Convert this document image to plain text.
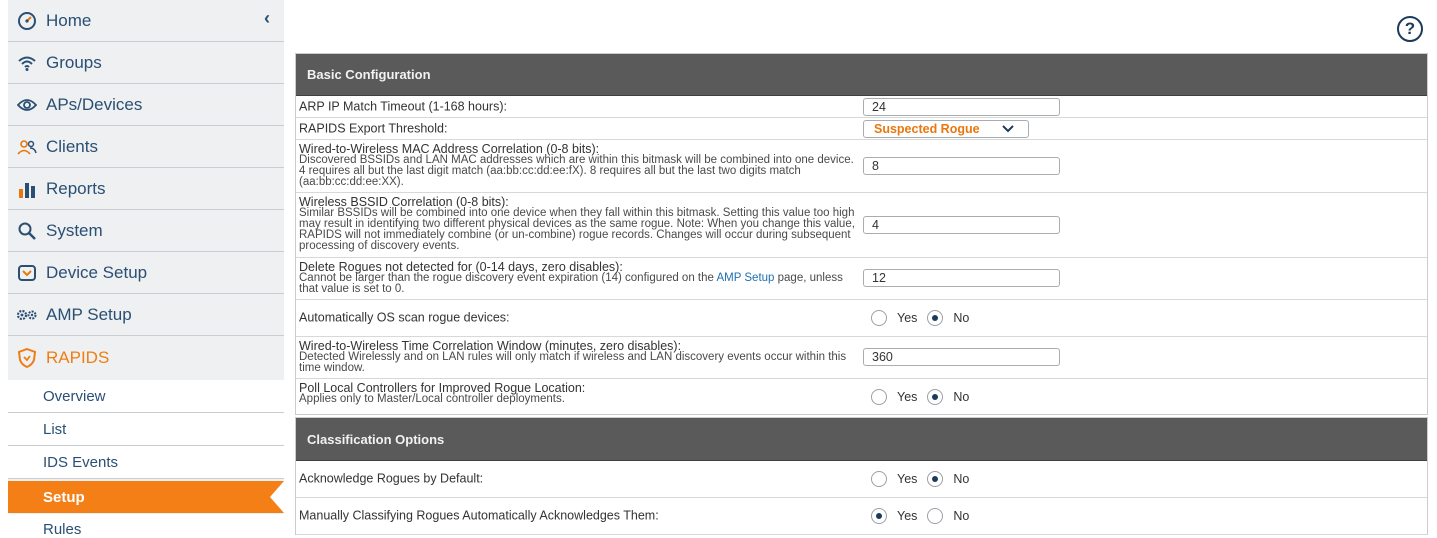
Home	‹
Groups
APs/Devices
Clients
Reports
System
Device Setup
AMP Setup
RAPIDS
Overview
List
IDS Events
Setup
Rules
?
Basic Configuration
ARP IP Match Timeout (1-168 hours):	24
RAPIDS Export Threshold:	Suspected Rogue
Wired-to-Wireless MAC Address Correlation (0-8 bits):
Discovered BSSIDs and LAN MAC addresses which are within this bitmask will be combined into one device. 4 requires all but the last digit match (aa:bb:cc:dd:ee:fX). 8 requires all but the last two digits match (aa:bb:cc:dd:ee:XX).
8
Wireless BSSID Correlation (0-8 bits):
Similar BSSIDs will be combined into one device when they fall within this bitmask. Setting this value too high may result in identifying two different physical devices as the same rogue. Note: When you change this value, RAPIDS will not immediately combine (or un-combine) rogue records. Changes will occur during subsequent processing of discovery events.
4
Delete Rogues not detected for (0-14 days, zero disables):
Cannot be larger than the rogue discovery event expiration (14) configured on the AMP Setup page, unless that value is set to 0.
12
Automatically OS scan rogue devices:	Yes	No
Wired-to-Wireless Time Correlation Window (minutes, zero disables):
Detected Wirelessly and on LAN rules will only match if wireless and LAN discovery events occur within this time window.
360
Poll Local Controllers for Improved Rogue Location:
Applies only to Master/Local controller deployments.	Yes	No
Classification Options
Acknowledge Rogues by Default:	Yes	No
Manually Classifying Rogues Automatically Acknowledges Them:	Yes	No
